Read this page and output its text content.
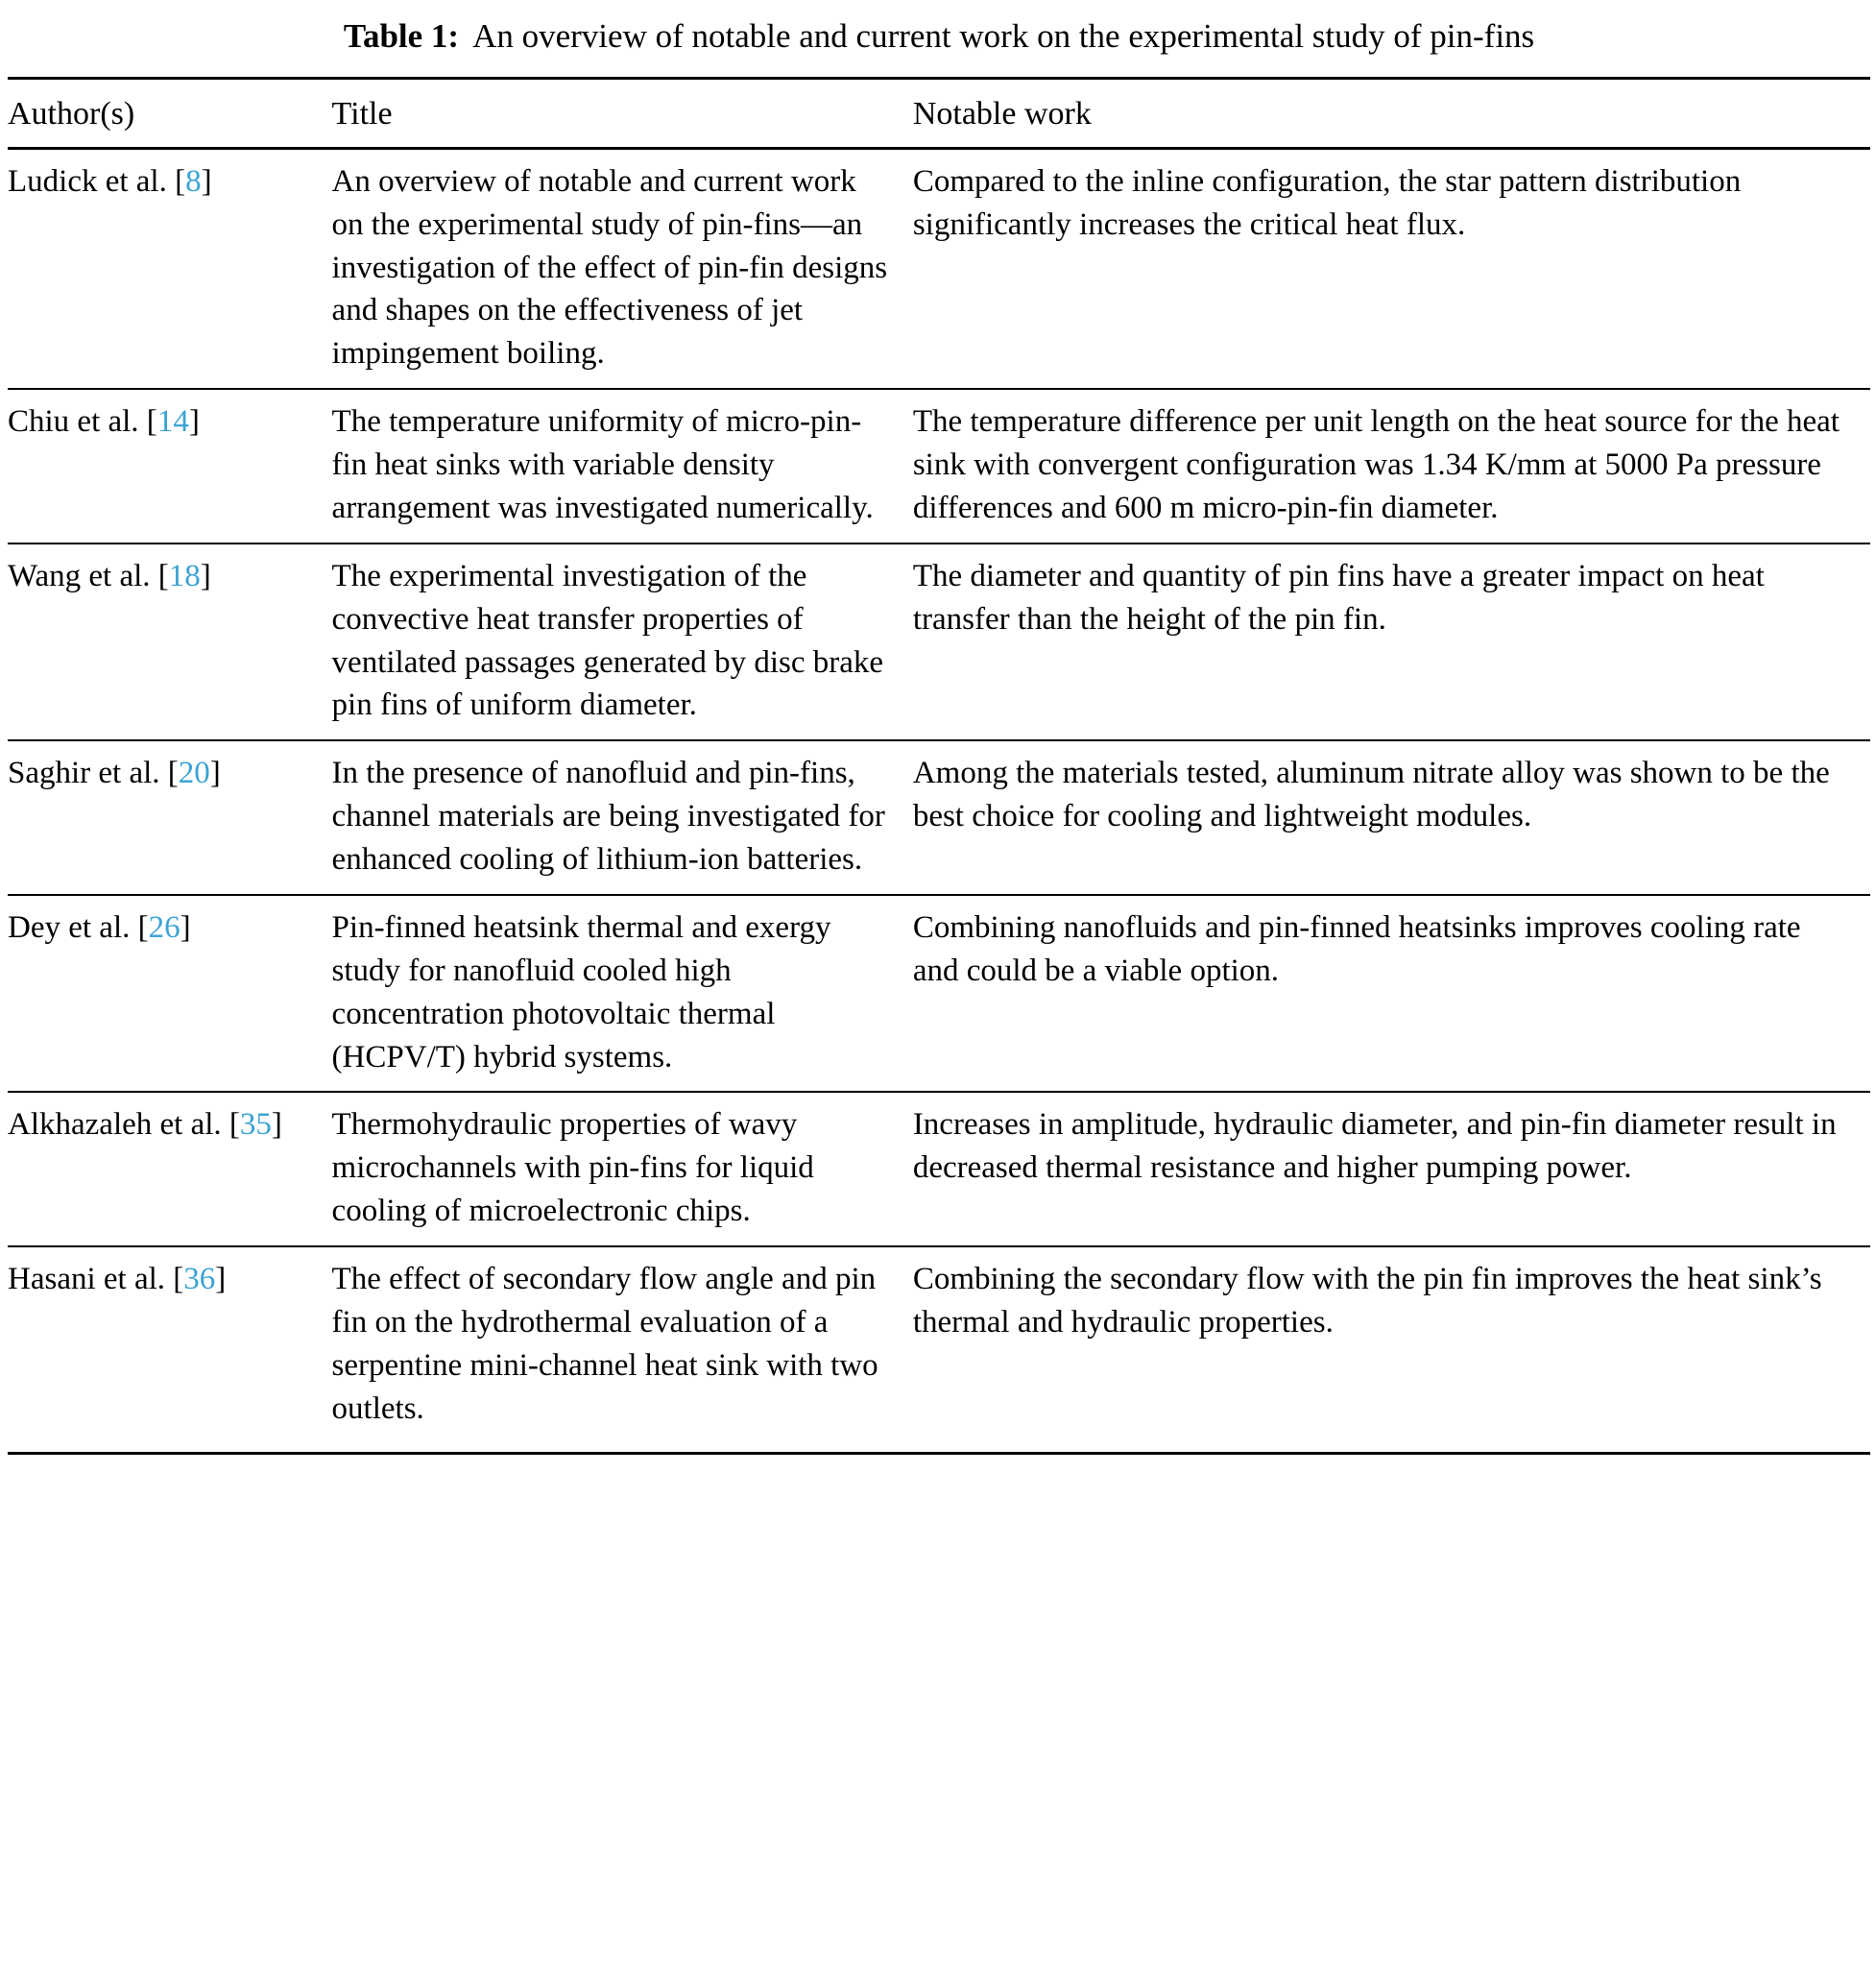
Table 1: An overview of notable and current work on the experimental study of pin-fins
Author(s)	Title	Notable work
Ludick et al. [8]	An overview of notable and current work on the experimental study of pin-fins—an investigation of the effect of pin-fin designs and shapes on the effectiveness of jet impingement boiling.	Compared to the inline configuration, the star pattern distribution significantly increases the critical heat flux.
Chiu et al. [14]	The temperature uniformity of micro-pin-fin heat sinks with variable density arrangement was investigated numerically.	The temperature difference per unit length on the heat source for the heat sink with convergent configuration was 1.34 K/mm at 5000 Pa pressure differences and 600 m micro-pin-fin diameter.
Wang et al. [18]	The experimental investigation of the convective heat transfer properties of ventilated passages generated by disc brake pin fins of uniform diameter.	The diameter and quantity of pin fins have a greater impact on heat transfer than the height of the pin fin.
Saghir et al. [20]	In the presence of nanofluid and pin-fins, channel materials are being investigated for enhanced cooling of lithium-ion batteries.	Among the materials tested, aluminum nitrate alloy was shown to be the best choice for cooling and lightweight modules.
Dey et al. [26]	Pin-finned heatsink thermal and exergy study for nanofluid cooled high concentration photovoltaic thermal (HCPV/T) hybrid systems.	Combining nanofluids and pin-finned heatsinks improves cooling rate and could be a viable option.
Alkhazaleh et al. [35]	Thermohydraulic properties of wavy microchannels with pin-fins for liquid cooling of microelectronic chips.	Increases in amplitude, hydraulic diameter, and pin-fin diameter result in decreased thermal resistance and higher pumping power.
Hasani et al. [36]	The effect of secondary flow angle and pin fin on the hydrothermal evaluation of a serpentine mini-channel heat sink with two outlets.	Combining the secondary flow with the pin fin improves the heat sink’s thermal and hydraulic properties.
